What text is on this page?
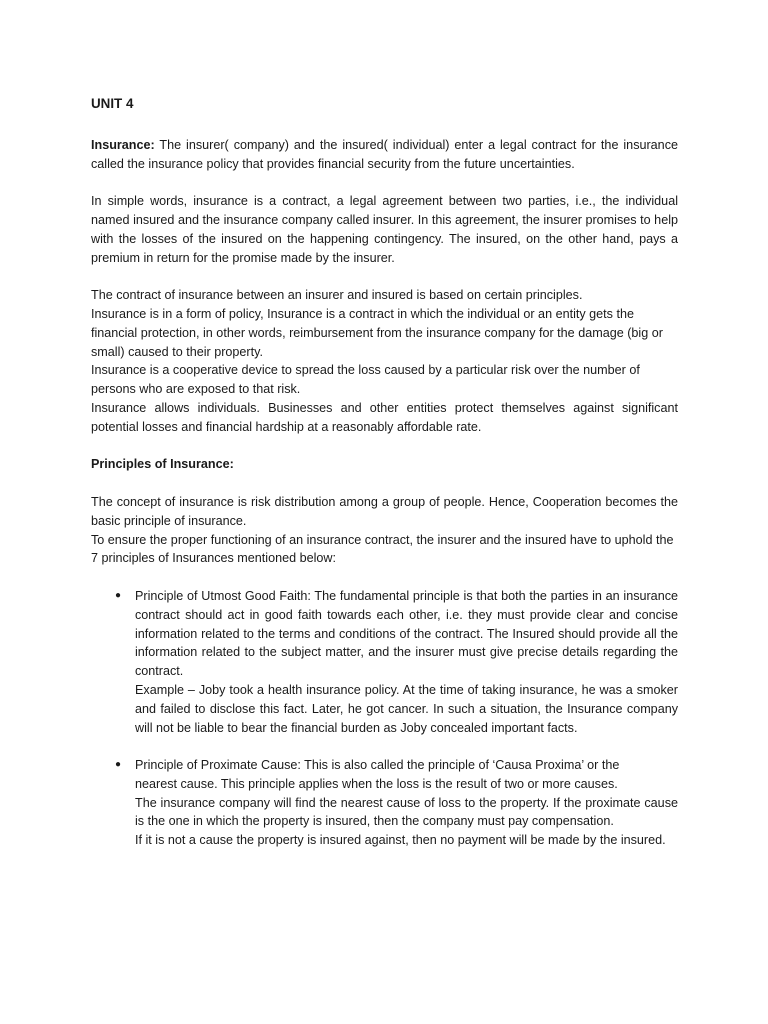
UNIT 4

Insurance: The insurer( company) and the insured( individual) enter a legal contract for the insurance called the insurance policy that provides financial security from the future uncertainties.

In simple words, insurance is a contract, a legal agreement between two parties, i.e., the individual named insured and the insurance company called insurer. In this agreement, the insurer promises to help with the losses of the insured on the happening contingency. The insured, on the other hand, pays a premium in return for the promise made by the insurer.

The contract of insurance between an insurer and insured is based on certain principles.

Insurance is in a form of policy, Insurance is a contract in which the individual or an entity gets the financial protection, in other words, reimbursement from the insurance company for the damage (big or small) caused to their property.

Insurance is a cooperative device to spread the loss caused by a particular risk over the number of persons who are exposed to that risk.

Insurance allows individuals. Businesses and other entities protect themselves against significant potential losses and financial hardship at a reasonably affordable rate.

Principles of Insurance:

The concept of insurance is risk distribution among a group of people. Hence, Cooperation becomes the basic principle of insurance.

To ensure the proper functioning of an insurance contract, the insurer and the insured have to uphold the 7 principles of Insurances mentioned below:

● Principle of Utmost Good Faith: The fundamental principle is that both the parties in an insurance contract should act in good faith towards each other, i.e. they must provide clear and concise information related to the terms and conditions of the contract. The Insured should provide all the information related to the subject matter, and the insurer must give precise details regarding the contract.
Example – Joby took a health insurance policy. At the time of taking insurance, he was a smoker and failed to disclose this fact. Later, he got cancer. In such a situation, the Insurance company will not be liable to bear the financial burden as Joby concealed important facts.
● Principle of Proximate Cause: This is also called the principle of ‘Causa Proxima’ or the
nearest cause. This principle applies when the loss is the result of two or more causes.
The insurance company will find the nearest cause of loss to the property. If the proximate cause is the one in which the property is insured, then the company must pay compensation.
If it is not a cause the property is insured against, then no payment will be made by the insured.
